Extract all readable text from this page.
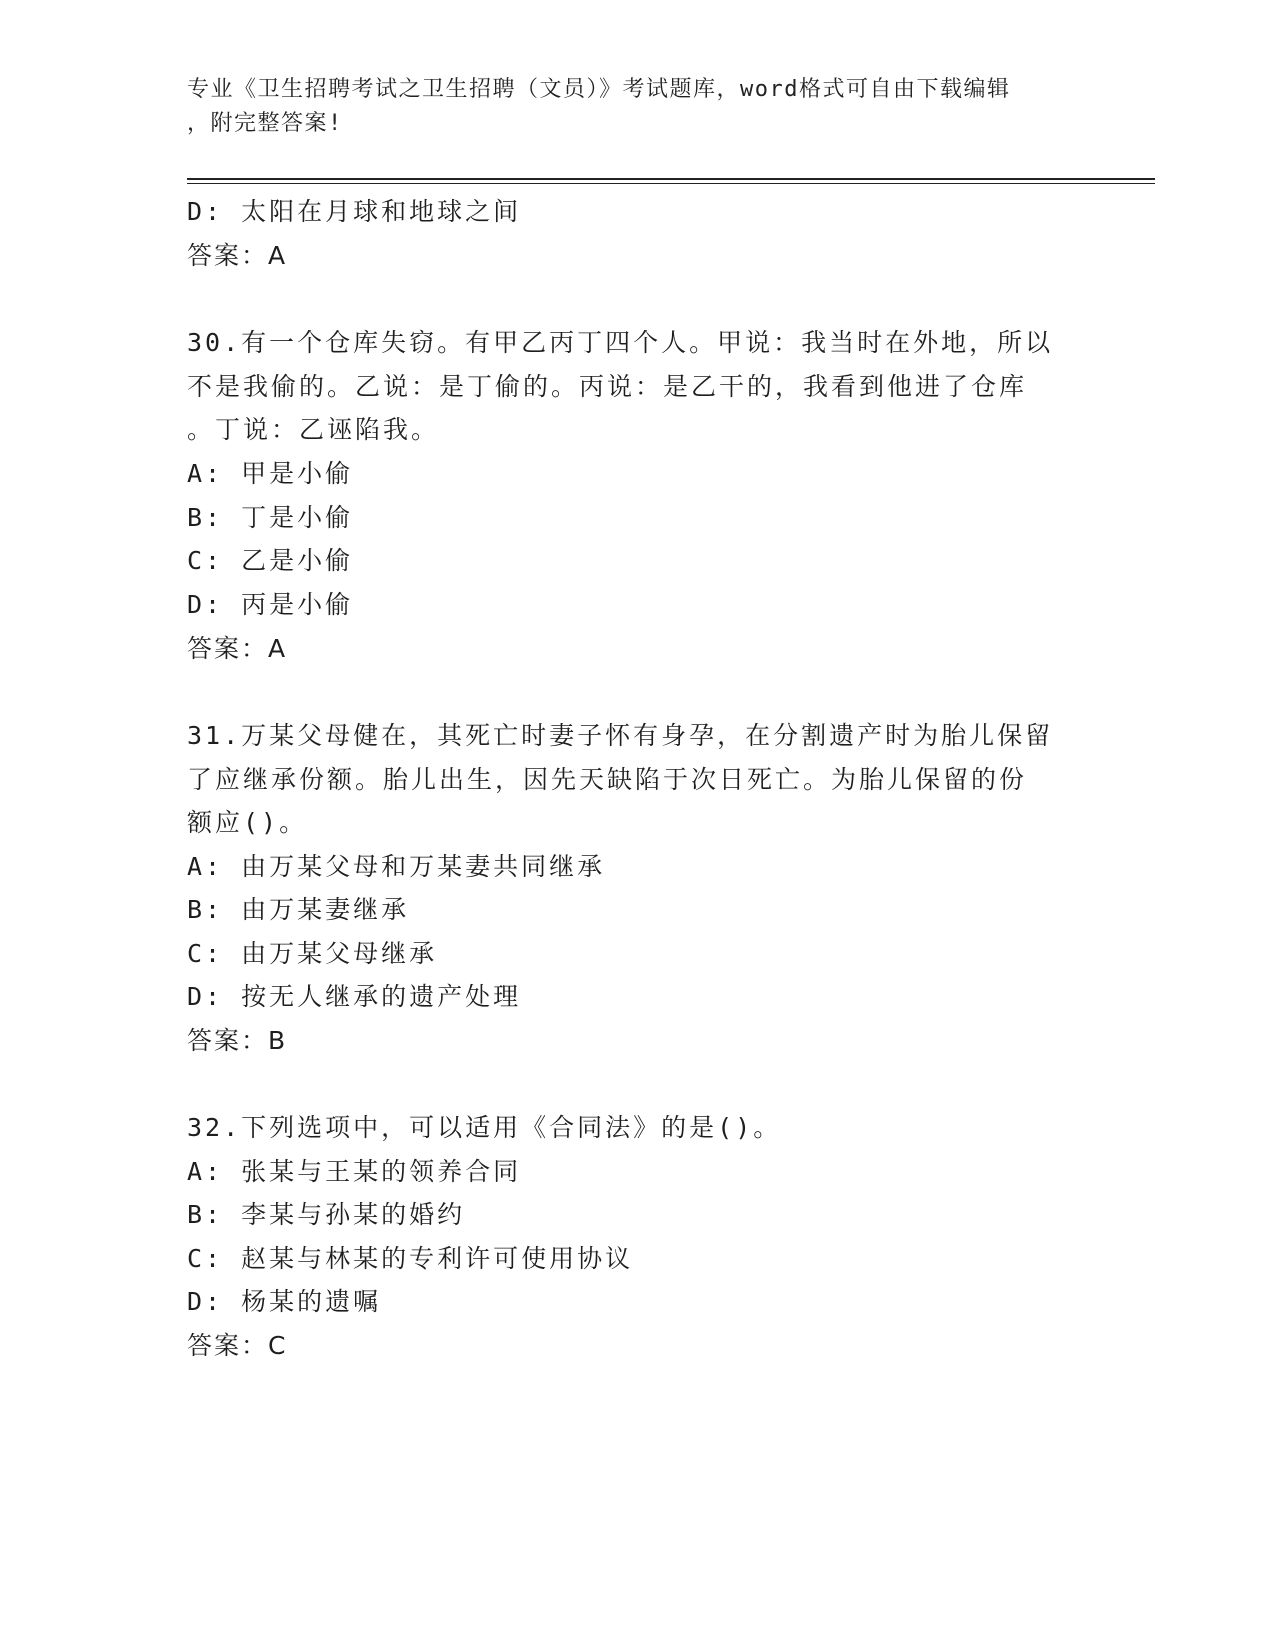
专业《卫生招聘考试之卫生招聘（文员）》考试题库，word格式可自由下载编辑
，附完整答案!
D: 太阳在月球和地球之间
答案：A
30.有一个仓库失窃。有甲乙丙丁四个人。甲说：我当时在外地，所以
不是我偷的。乙说：是丁偷的。丙说：是乙干的，我看到他进了仓库
。丁说：乙诬陷我。
A: 甲是小偷
B: 丁是小偷
C: 乙是小偷
D: 丙是小偷
答案：A
31.万某父母健在，其死亡时妻子怀有身孕，在分割遗产时为胎儿保留
了应继承份额。胎儿出生，因先天缺陷于次日死亡。为胎儿保留的份
额应()。
A: 由万某父母和万某妻共同继承
B: 由万某妻继承
C: 由万某父母继承
D: 按无人继承的遗产处理
答案：B
32.下列选项中，可以适用《合同法》的是()。
A: 张某与王某的领养合同
B: 李某与孙某的婚约
C: 赵某与林某的专利许可使用协议
D: 杨某的遗嘱
答案：C
